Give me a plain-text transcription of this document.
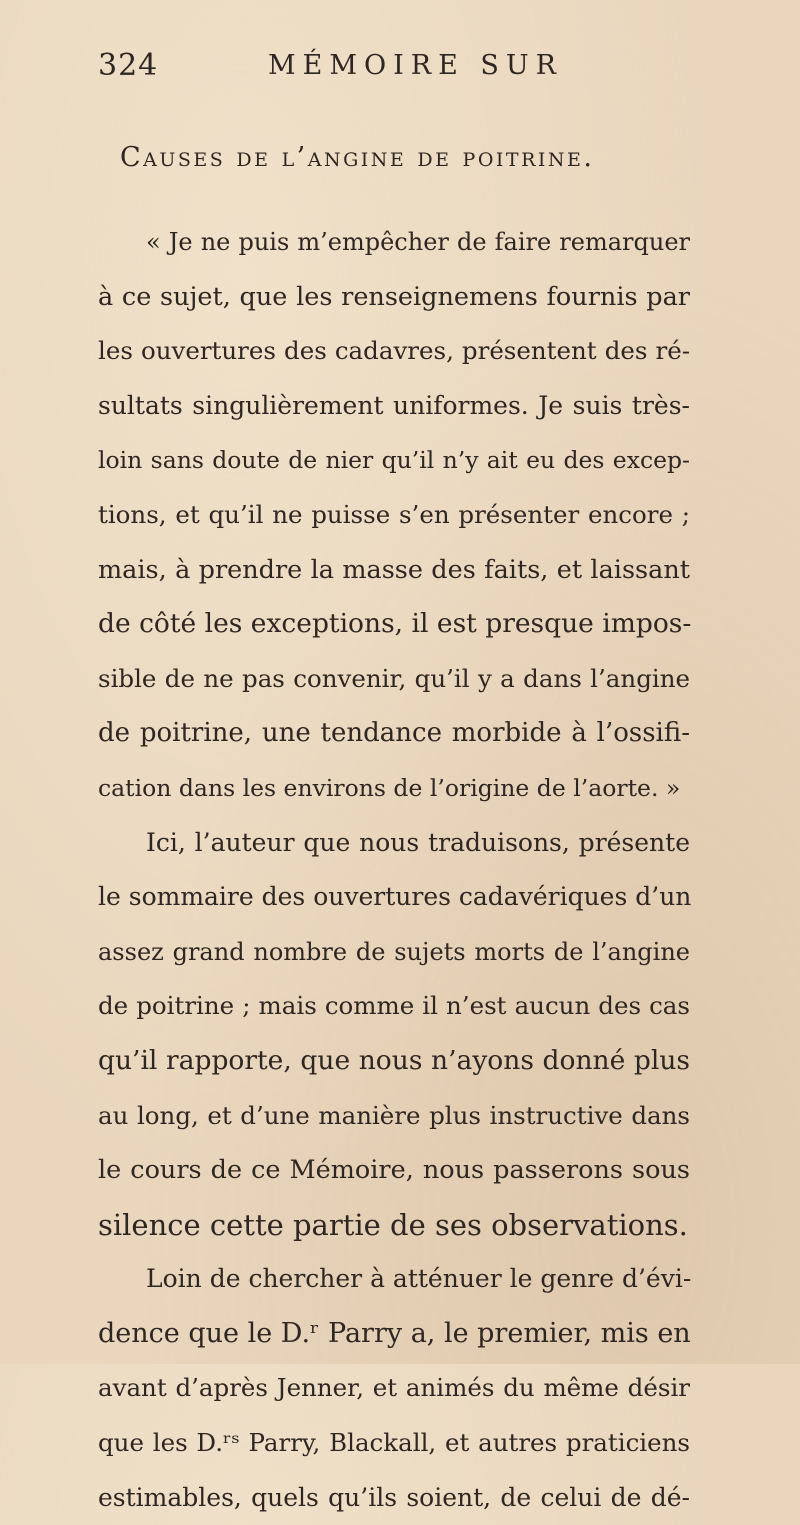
324	MÉMOIRE SUR
Causes de l’angine de poitrine.
« Je ne puis m’empêcher de faire remarquer
à ce sujet, que les renseignemens fournis par
les ouvertures des cadavres, présentent des ré-
sultats singulièrement uniformes. Je suis très-
loin sans doute de nier qu’il n’y ait eu des excep-
tions, et qu’il ne puisse s’en présenter encore ;
mais, à prendre la masse des faits, et laissant
de côté les exceptions, il est presque impos-
sible de ne pas convenir, qu’il y a dans l’angine
de poitrine, une tendance morbide à l’ossifi-
cation dans les environs de l’origine de l’aorte. »
Ici, l’auteur que nous traduisons, présente
le sommaire des ouvertures cadavériques d’un
assez grand nombre de sujets morts de l’angine
de poitrine ; mais comme il n’est aucun des cas
qu’il rapporte, que nous n’ayons donné plus
au long, et d’une manière plus instructive dans
le cours de ce Mémoire, nous passerons sous
silence cette partie de ses observations.
Loin de chercher à atténuer le genre d’évi-
dence que le D.ʳ Parry a, le premier, mis en
avant d’après Jenner, et animés du même désir
que les D.ʳˢ Parry, Blackall, et autres praticiens
estimables, quels qu’ils soient, de celui de dé-
